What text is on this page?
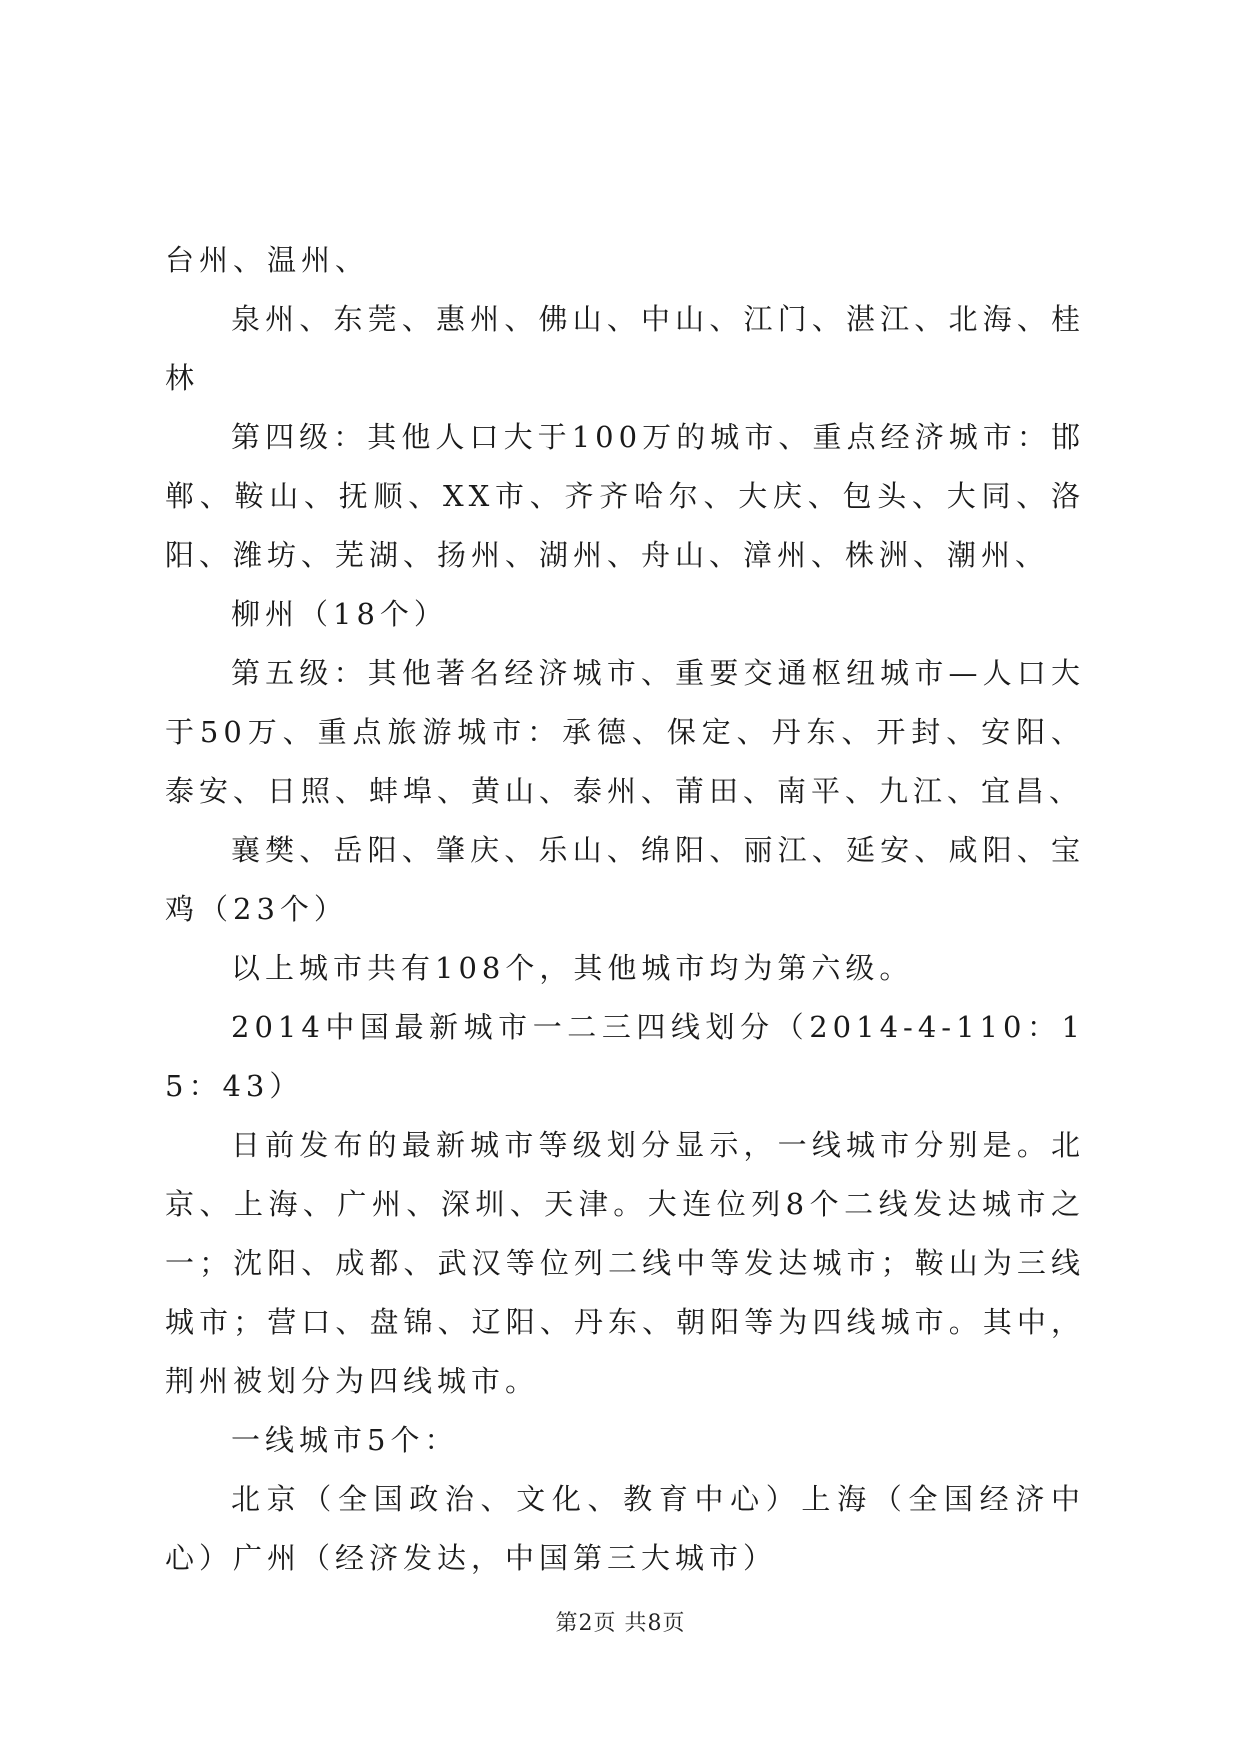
台州、温州、

泉州、东莞、惠州、佛山、中山、江门、湛江、北海、桂林

第四级：其他人口大于100万的城市、重点经济城市：邯郸、鞍山、抚顺、XX市、齐齐哈尔、大庆、包头、大同、洛阳、潍坊、芜湖、扬州、湖州、舟山、漳州、株洲、潮州、

柳州（18个）

第五级：其他著名经济城市、重要交通枢纽城市—人口大于50万、重点旅游城市：承德、保定、丹东、开封、安阳、泰安、日照、蚌埠、黄山、泰州、莆田、南平、九江、宜昌、

襄樊、岳阳、肇庆、乐山、绵阳、丽江、延安、咸阳、宝鸡（23个）

以上城市共有108个，其他城市均为第六级。

2014中国最新城市一二三四线划分（2014-4-110：15：43）

日前发布的最新城市等级划分显示，一线城市分别是。北京、上海、广州、深圳、天津。大连位列8个二线发达城市之一；沈阳、成都、武汉等位列二线中等发达城市；鞍山为三线城市；营口、盘锦、辽阳、丹东、朝阳等为四线城市。其中，荆州被划分为四线城市。

一线城市5个：

北京（全国政治、文化、教育中心）上海（全国经济中心）广州（经济发达，中国第三大城市）

第2页 共8页
